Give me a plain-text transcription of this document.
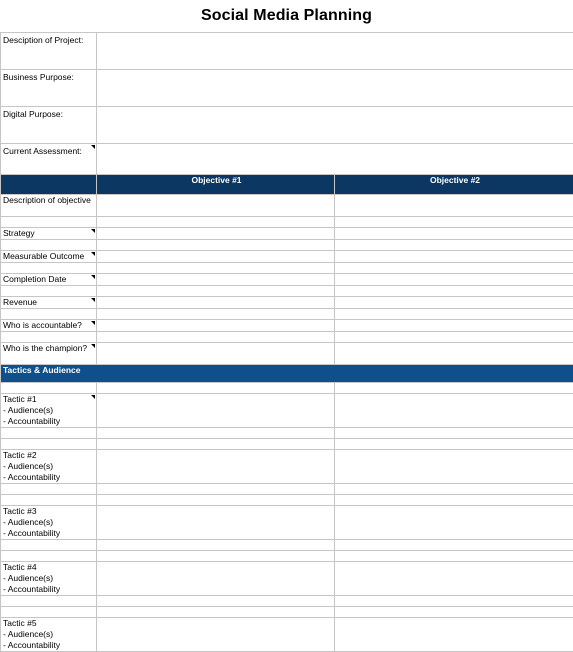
Social Media Planning
Desciption of Project:		
Business Purpose:		
Digital Purpose:		
Current Assessment:		
	Objective #1	Objective #2
Description of objective		

Strategy		

Measurable Outcome		

Completion Date		

Revenue		

Who is accountable?		

Who is the champion?		
Tactics & Audience		

Tactic #1
- Audience(s)
- Accountability		

Tactic #2
- Audience(s)
- Accountability		

Tactic #3
- Audience(s)
- Accountability		

Tactic #4
- Audience(s)
- Accountability		

Tactic #5
- Audience(s)
- Accountability		
